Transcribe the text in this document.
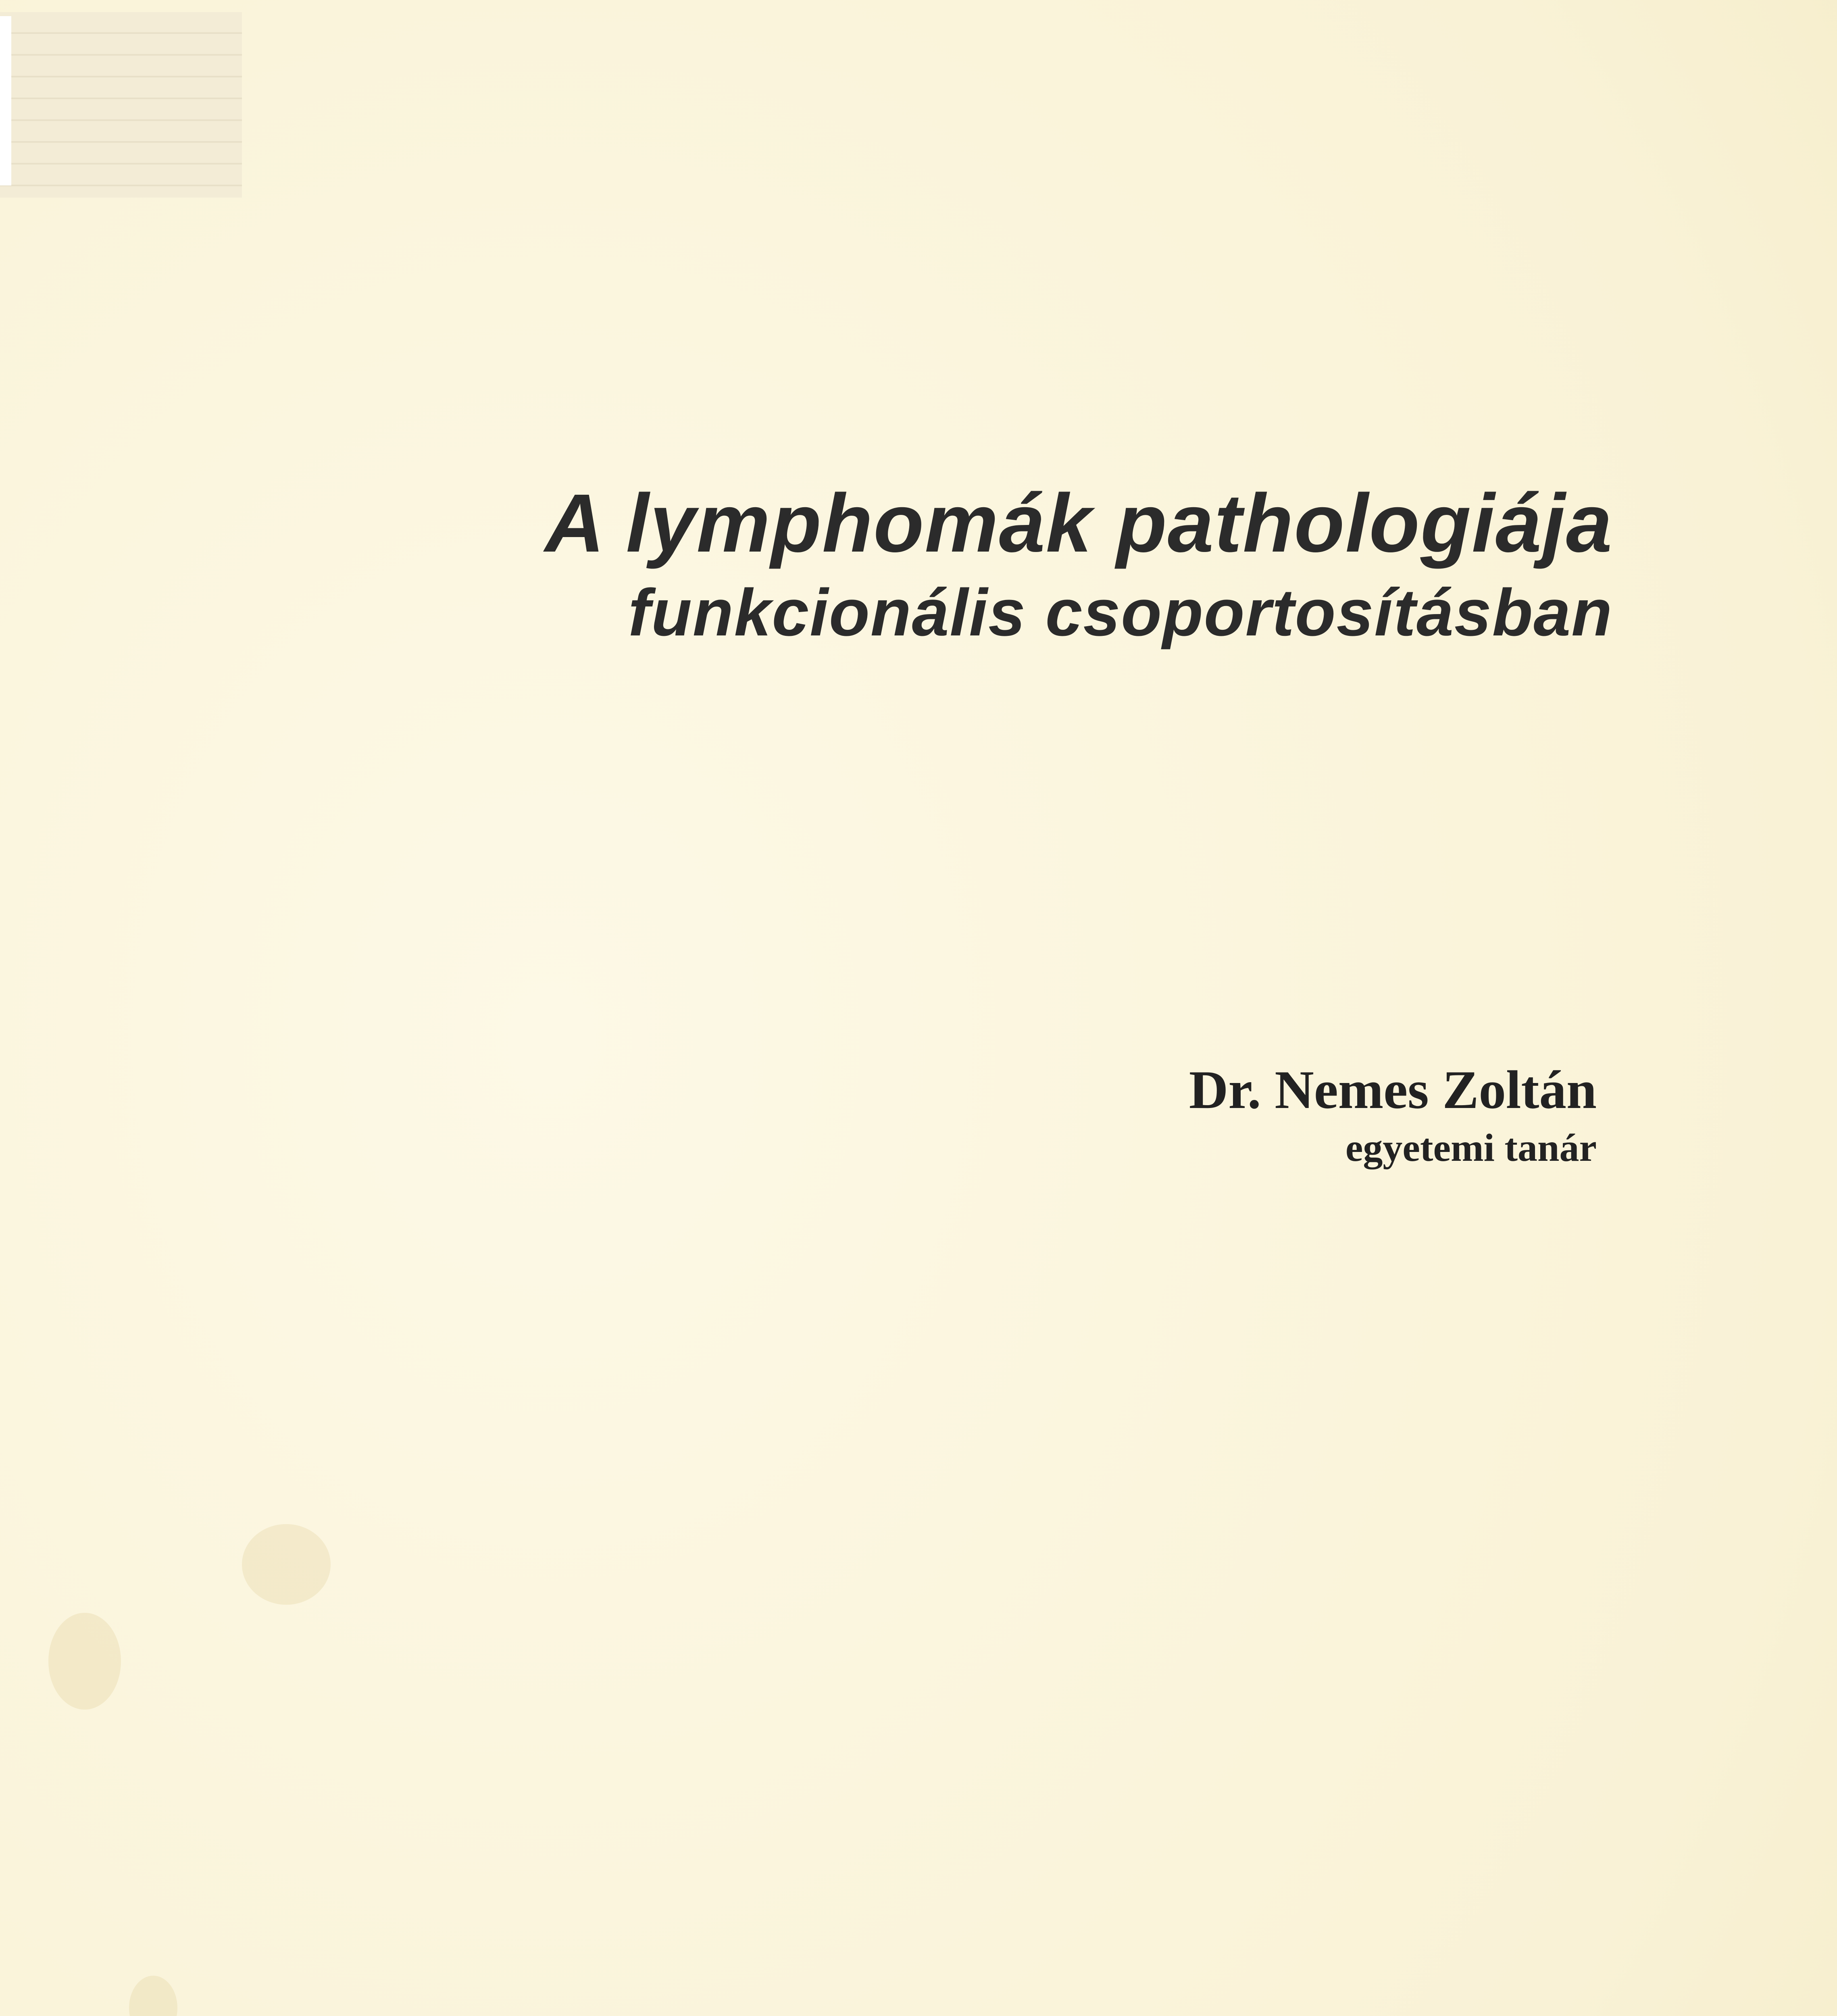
A lymphomák pathologiája
funkcionális csoportosításban
Dr. Nemes Zoltán
egyetemi tanár
